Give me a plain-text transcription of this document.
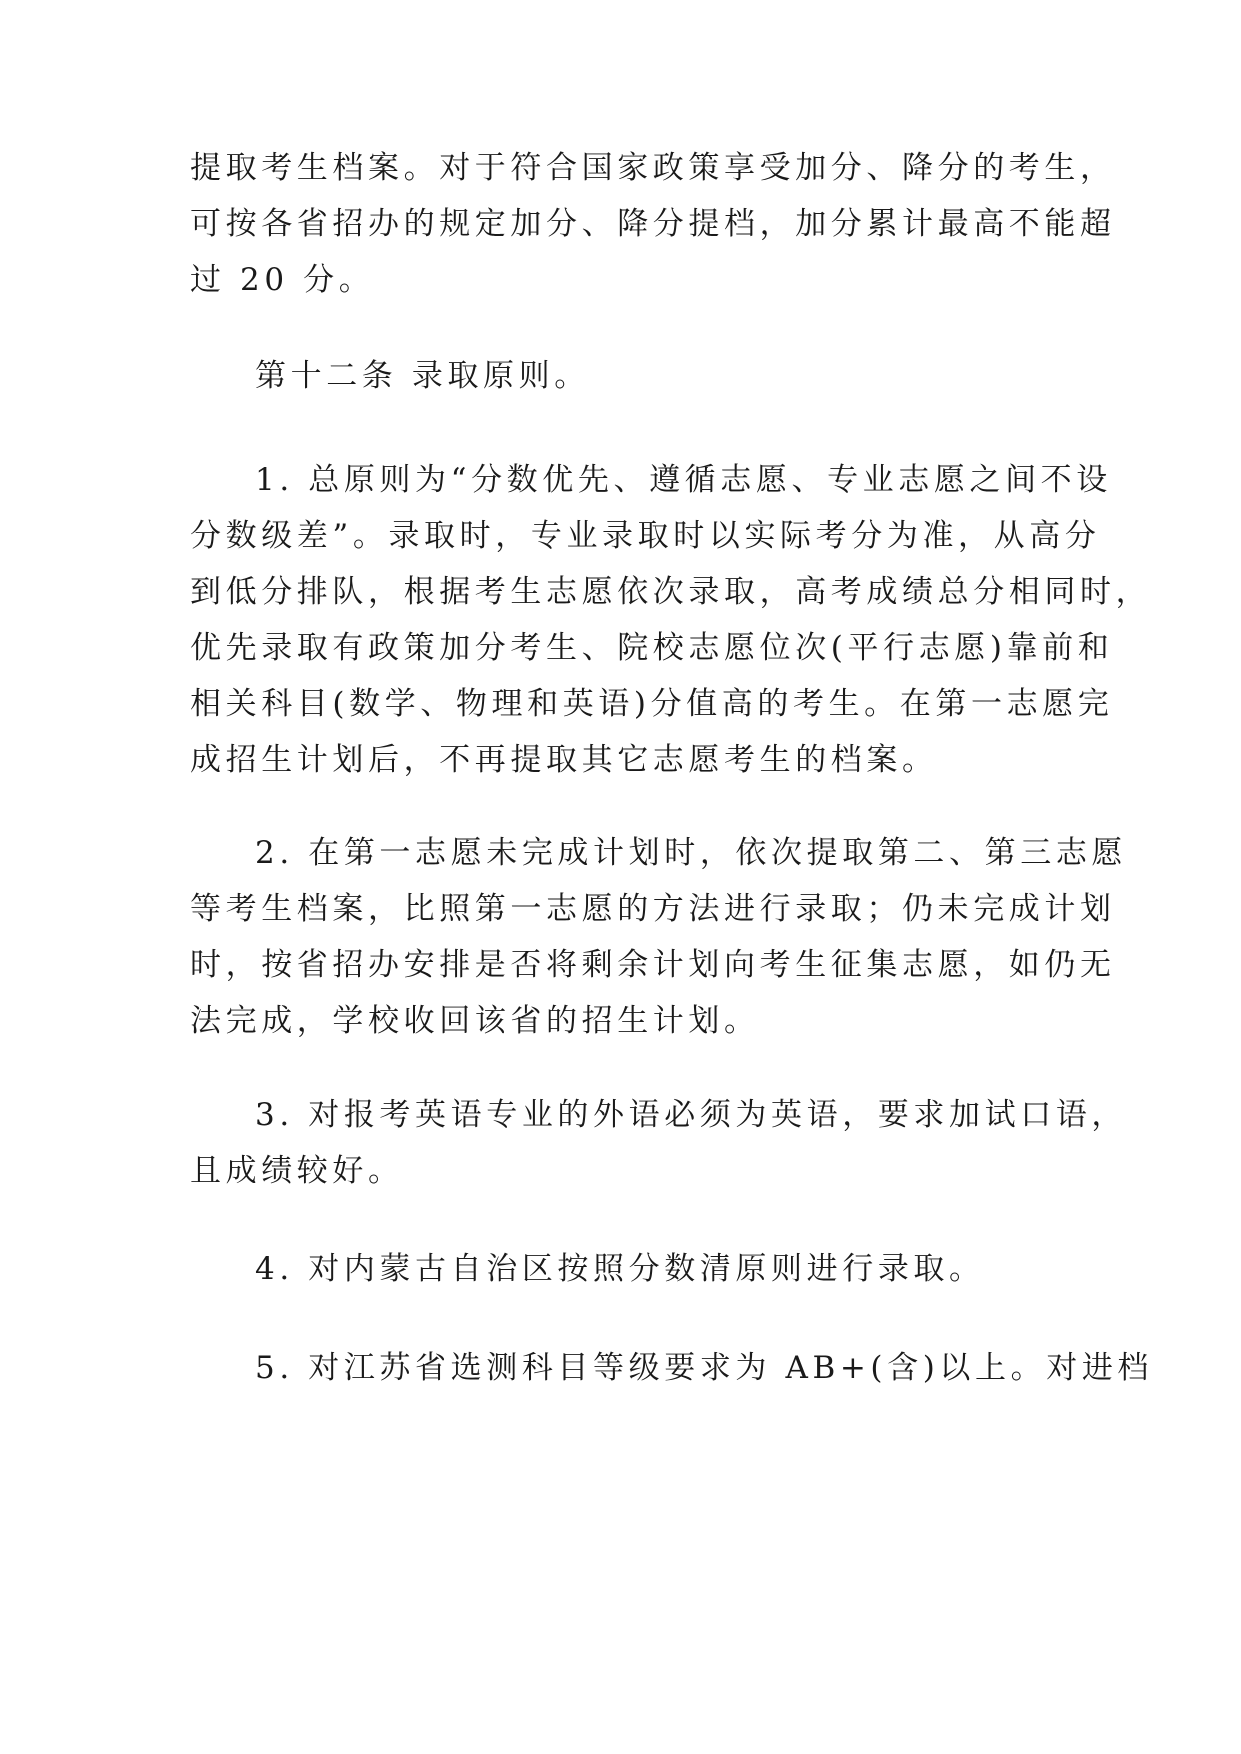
提取考生档案。对于符合国家政策享受加分、降分的考生，
可按各省招办的规定加分、降分提档，加分累计最高不能超
过 20 分。

第十二条 录取原则。

1. 总原则为“分数优先、遵循志愿、专业志愿之间不设
分数级差”。录取时，专业录取时以实际考分为准，从高分
到低分排队，根据考生志愿依次录取，高考成绩总分相同时，
优先录取有政策加分考生、院校志愿位次(平行志愿)靠前和
相关科目(数学、物理和英语)分值高的考生。在第一志愿完
成招生计划后，不再提取其它志愿考生的档案。

2. 在第一志愿未完成计划时，依次提取第二、第三志愿
等考生档案，比照第一志愿的方法进行录取；仍未完成计划
时，按省招办安排是否将剩余计划向考生征集志愿，如仍无
法完成，学校收回该省的招生计划。

3. 对报考英语专业的外语必须为英语，要求加试口语，
且成绩较好。

4. 对内蒙古自治区按照分数清原则进行录取。

5. 对江苏省选测科目等级要求为 AB+(含)以上。对进档
